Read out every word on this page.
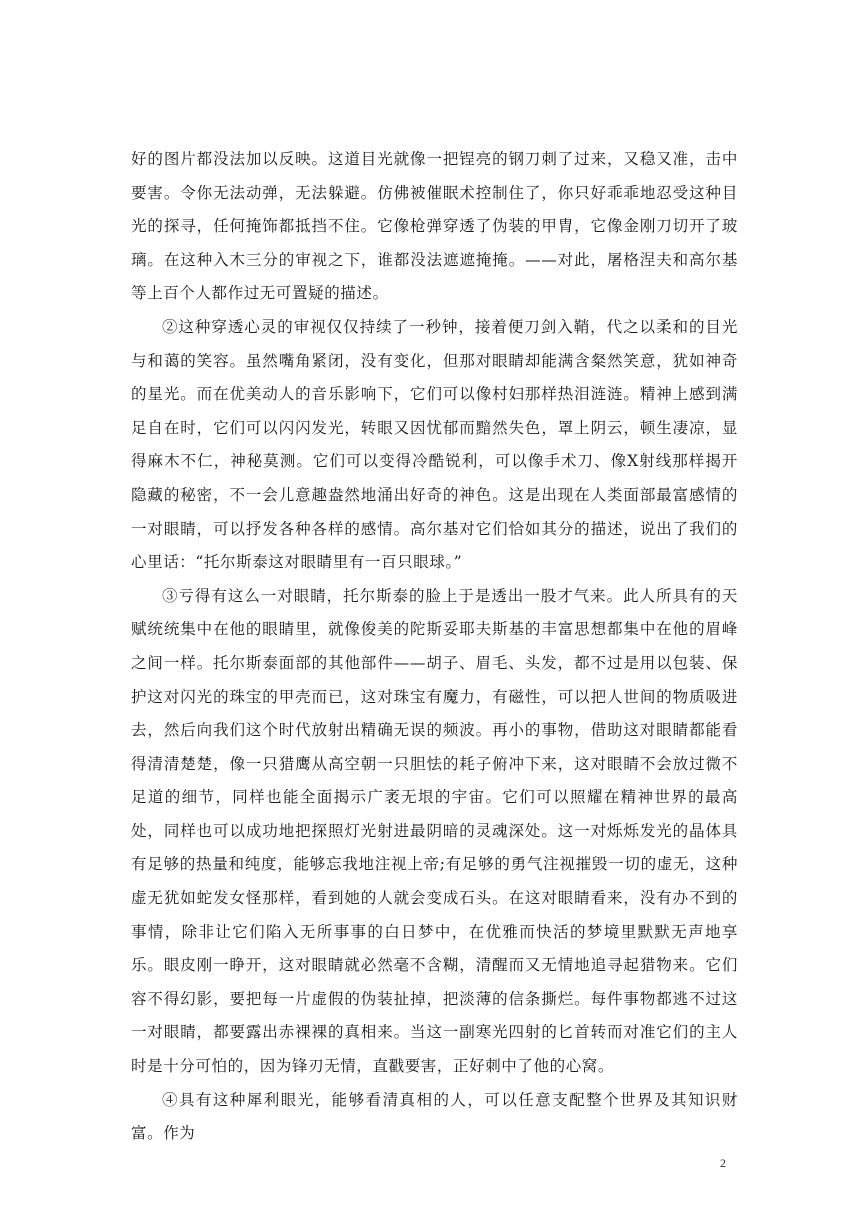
好的图片都没法加以反映。这道目光就像一把锃亮的钢刀刺了过来，又稳又准，击中要害。令你无法动弹，无法躲避。仿佛被催眠术控制住了，你只好乖乖地忍受这种目光的探寻，任何掩饰都抵挡不住。它像枪弹穿透了伪装的甲胄，它像金刚刀切开了玻璃。在这种入木三分的审视之下，谁都没法遮遮掩掩。——对此，屠格涅夫和高尔基等上百个人都作过无可置疑的描述。

②这种穿透心灵的审视仅仅持续了一秒钟，接着便刀剑入鞘，代之以柔和的目光与和蔼的笑容。虽然嘴角紧闭，没有变化，但那对眼睛却能满含粲然笑意，犹如神奇的星光。而在优美动人的音乐影响下，它们可以像村妇那样热泪涟涟。精神上感到满足自在时，它们可以闪闪发光，转眼又因忧郁而黯然失色，罩上阴云，顿生凄凉，显得麻木不仁，神秘莫测。它们可以变得冷酷锐利，可以像手术刀、像X射线那样揭开隐藏的秘密，不一会儿意趣盎然地涌出好奇的神色。这是出现在人类面部最富感情的一对眼睛，可以抒发各种各样的感情。高尔基对它们恰如其分的描述，说出了我们的心里话：“托尔斯泰这对眼睛里有一百只眼球。”

③亏得有这么一对眼睛，托尔斯泰的脸上于是透出一股才气来。此人所具有的天赋统统集中在他的眼睛里，就像俊美的陀斯妥耶夫斯基的丰富思想都集中在他的眉峰之间一样。托尔斯泰面部的其他部件——胡子、眉毛、头发，都不过是用以包装、保护这对闪光的珠宝的甲壳而已，这对珠宝有魔力，有磁性，可以把人世间的物质吸进去，然后向我们这个时代放射出精确无误的频波。再小的事物，借助这对眼睛都能看得清清楚楚，像一只猎鹰从高空朝一只胆怯的耗子俯冲下来，这对眼睛不会放过微不足道的细节，同样也能全面揭示广袤无垠的宇宙。它们可以照耀在精神世界的最高处，同样也可以成功地把探照灯光射进最阴暗的灵魂深处。这一对烁烁发光的晶体具有足够的热量和纯度，能够忘我地注视上帝;有足够的勇气注视摧毁一切的虚无，这种虚无犹如蛇发女怪那样，看到她的人就会变成石头。在这对眼睛看来，没有办不到的事情，除非让它们陷入无所事事的白日梦中，在优雅而快活的梦境里默默无声地享乐。眼皮刚一睁开，这对眼睛就必然毫不含糊，清醒而又无情地追寻起猎物来。它们容不得幻影，要把每一片虚假的伪装扯掉，把淡薄的信条撕烂。每件事物都逃不过这一对眼睛，都要露出赤裸裸的真相来。当这一副寒光四射的匕首转而对准它们的主人时是十分可怕的，因为锋刃无情，直戳要害，正好刺中了他的心窝。

④具有这种犀利眼光，能够看清真相的人，可以任意支配整个世界及其知识财富。作为

2
